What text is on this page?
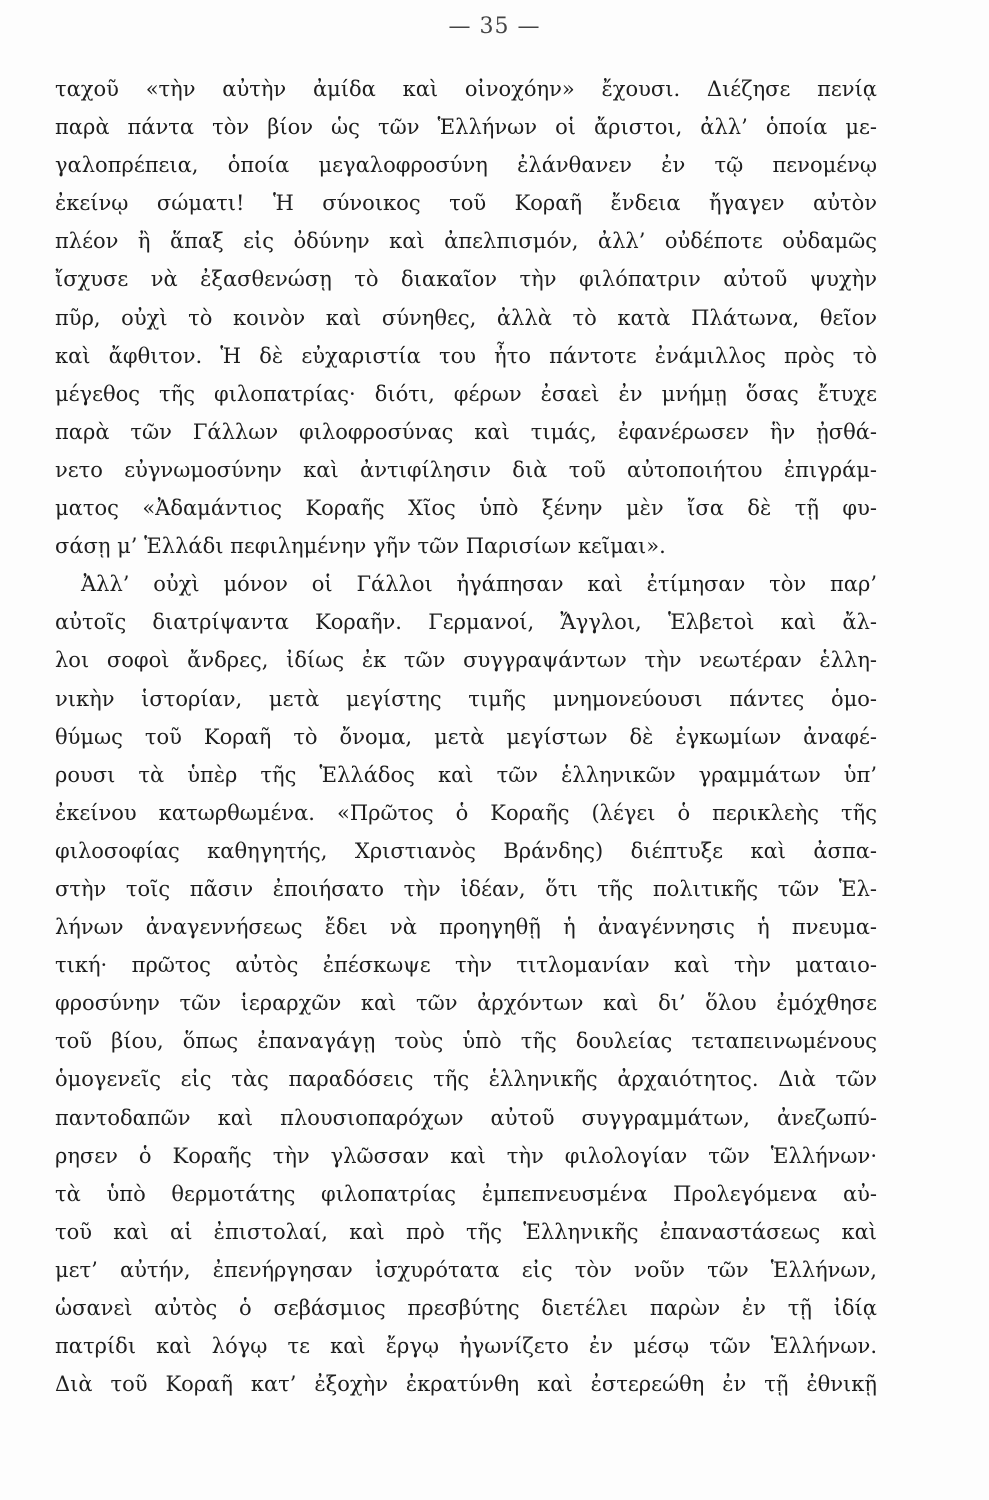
— 35 —
ταχοῦ «τὴν αὐτὴν ἀμίδα καὶ οἰνοχόην» ἔχουσι. Διέζησε πενίᾳ
παρὰ πάντα τὸν βίον ὡς τῶν Ἑλλήνων οἱ ἄριστοι, ἀλλ’ ὁποία με-
γαλοπρέπεια, ὁποία μεγαλοφροσύνη ἐλάνθανεν ἐν τῷ πενομένῳ
ἐκείνῳ σώματι! Ἡ σύνοικος τοῦ Κοραῆ ἔνδεια ἤγαγεν αὐτὸν
πλέον ἢ ἅπαξ εἰς ὀδύνην καὶ ἀπελπισμόν, ἀλλ’ οὐδέποτε οὐδαμῶς
ἴσχυσε νὰ ἐξασθενώσῃ τὸ διακαῖον τὴν φιλόπατριν αὐτοῦ ψυχὴν
πῦρ, οὐχὶ τὸ κοινὸν καὶ σύνηθες, ἀλλὰ τὸ κατὰ Πλάτωνα, θεῖον
καὶ ἄφθιτον. Ἡ δὲ εὐχαριστία του ἦτο πάντοτε ἐνάμιλλος πρὸς τὸ
μέγεθος τῆς φιλοπατρίας· διότι, φέρων ἐσαεὶ ἐν μνήμῃ ὅσας ἔτυχε
παρὰ τῶν Γάλλων φιλοφροσύνας καὶ τιμάς, ἐφανέρωσεν ἣν ᾐσθά-
νετο εὐγνωμοσύνην καὶ ἀντιφίλησιν διὰ τοῦ αὐτοποιήτου ἐπιγράμ-
ματος «Ἀδαμάντιος Κοραῆς Χῖος ὑπὸ ξένην μὲν ἴσα δὲ τῇ φυ-
σάσῃ μ’ Ἑλλάδι πεφιλημένην γῆν τῶν Παρισίων κεῖμαι».
Ἀλλ’ οὐχὶ μόνον οἱ Γάλλοι ἠγάπησαν καὶ ἐτίμησαν τὸν παρ’
αὐτοῖς διατρίψαντα Κοραῆν. Γερμανοί, Ἄγγλοι, Ἑλβετοὶ καὶ ἄλ-
λοι σοφοὶ ἄνδρες, ἰδίως ἐκ τῶν συγγραψάντων τὴν νεωτέραν ἑλλη-
νικὴν ἱστορίαν, μετὰ μεγίστης τιμῆς μνημονεύουσι πάντες ὁμο-
θύμως τοῦ Κοραῆ τὸ ὄνομα, μετὰ μεγίστων δὲ ἐγκωμίων ἀναφέ-
ρουσι τὰ ὑπὲρ τῆς Ἑλλάδος καὶ τῶν ἑλληνικῶν γραμμάτων ὑπ’
ἐκείνου κατωρθωμένα. «Πρῶτος ὁ Κοραῆς (λέγει ὁ περικλεὴς τῆς
φιλοσοφίας καθηγητής, Χριστιανὸς Βράνδης) διέπτυξε καὶ ἀσπα-
στὴν τοῖς πᾶσιν ἐποιήσατο τὴν ἰδέαν, ὅτι τῆς πολιτικῆς τῶν Ἑλ-
λήνων ἀναγεννήσεως ἔδει νὰ προηγηθῇ ἡ ἀναγέννησις ἡ πνευμα-
τική· πρῶτος αὐτὸς ἐπέσκωψε τὴν τιτλομανίαν καὶ τὴν ματαιο-
φροσύνην τῶν ἱεραρχῶν καὶ τῶν ἀρχόντων καὶ δι’ ὅλου ἐμόχθησε
τοῦ βίου, ὅπως ἐπαναγάγῃ τοὺς ὑπὸ τῆς δουλείας τεταπεινωμένους
ὁμογενεῖς εἰς τὰς παραδόσεις τῆς ἑλληνικῆς ἀρχαιότητος. Διὰ τῶν
παντοδαπῶν καὶ πλουσιοπαρόχων αὐτοῦ συγγραμμάτων, ἀνεζωπύ-
ρησεν ὁ Κοραῆς τὴν γλῶσσαν καὶ τὴν φιλολογίαν τῶν Ἑλλήνων·
τὰ ὑπὸ θερμοτάτης φιλοπατρίας ἐμπεπνευσμένα Προλεγόμενα αὐ-
τοῦ καὶ αἱ ἐπιστολαί, καὶ πρὸ τῆς Ἑλληνικῆς ἐπαναστάσεως καὶ
μετ’ αὐτήν, ἐπενήργησαν ἰσχυρότατα εἰς τὸν νοῦν τῶν Ἑλλήνων,
ὡσανεὶ αὐτὸς ὁ σεβάσμιος πρεσβύτης διετέλει παρὼν ἐν τῇ ἰδίᾳ
πατρίδι καὶ λόγῳ τε καὶ ἔργῳ ἠγωνίζετο ἐν μέσῳ τῶν Ἑλλήνων.
Διὰ τοῦ Κοραῆ κατ’ ἐξοχὴν ἐκρατύνθη καὶ ἐστερεώθη ἐν τῇ ἐθνικῇ
